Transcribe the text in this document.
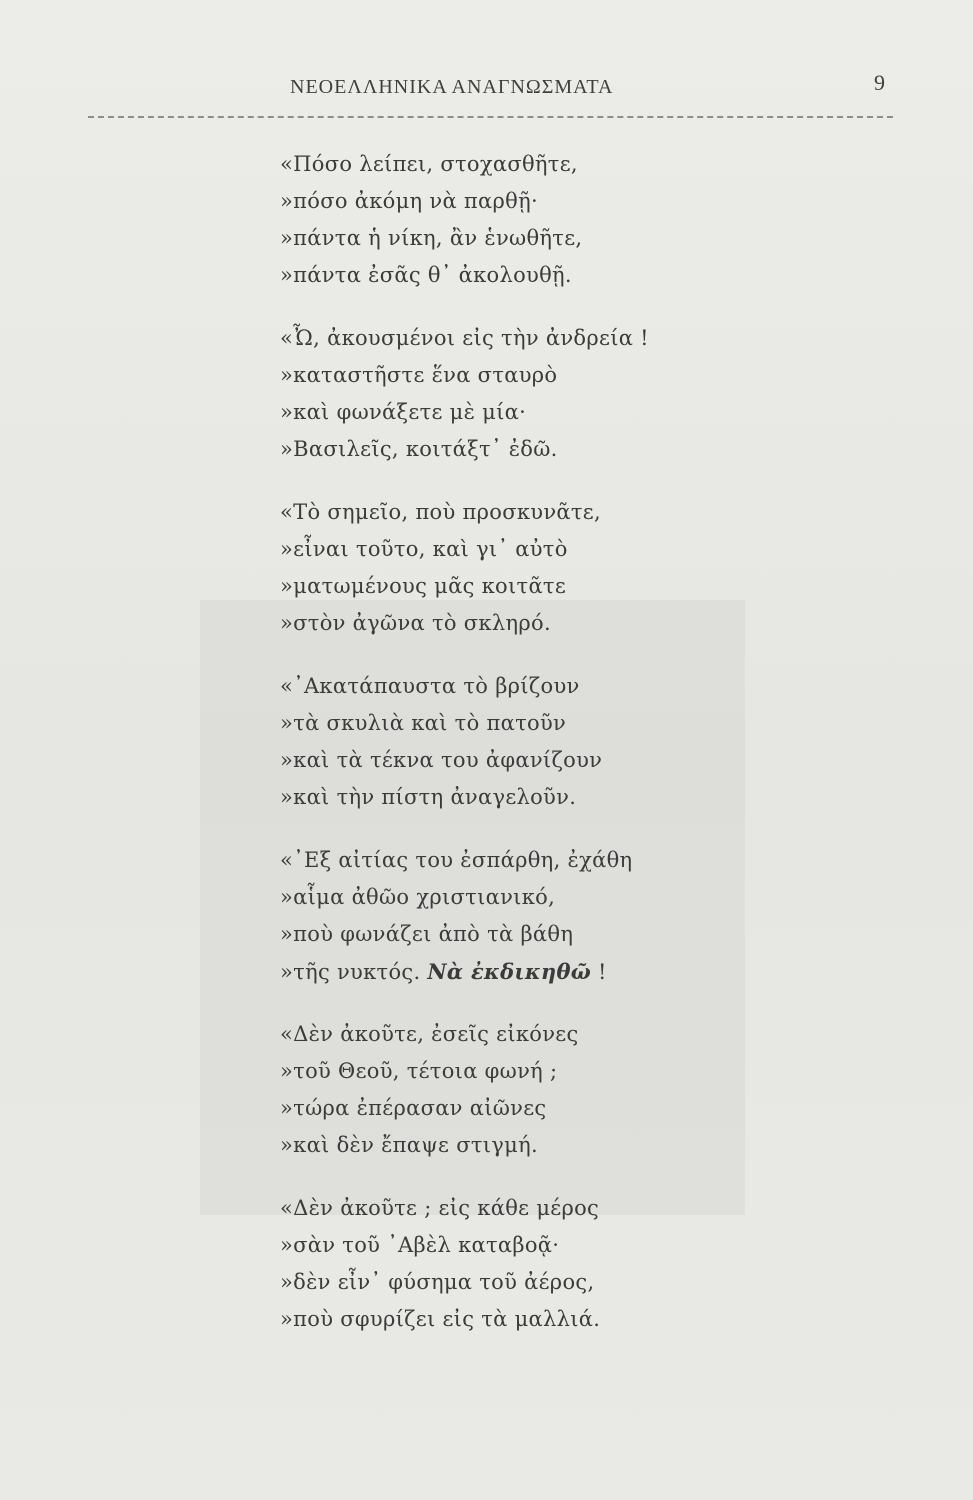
ΝΕΟΕΛΛΗΝΙΚΑ ΑΝΑΓΝΩΣΜΑΤΑ	9
«Πόσο λείπει, στοχασθῆτε,
»πόσο ἀκόμη νὰ παρθῇ·
»πάντα ἡ νίκη, ἂν ἑνωθῆτε,
»πάντα ἐσᾶς θ᾿ ἀκολουθῇ.
«Ὦ, ἀκουσμένοι εἰς τὴν ἀνδρεία !
»καταστῆστε ἕνα σταυρὸ
»καὶ φωνάξετε μὲ μία·
»Βασιλεῖς, κοιτάξτ᾿ ἐδῶ.
«Τὸ σημεῖο, ποὺ προσκυνᾶτε,
»εἶναι τοῦτο, καὶ γι᾿ αὐτὸ
»ματωμένους μᾶς κοιτᾶτε
»στὸν ἀγῶνα τὸ σκληρό.
«᾿Ακατάπαυστα τὸ βρίζουν
»τὰ σκυλιὰ καὶ τὸ πατοῦν
»καὶ τὰ τέκνα του ἀφανίζουν
»καὶ τὴν πίστη ἀναγελοῦν.
«᾿Εξ αἰτίας του ἐσπάρθη, ἐχάθη
»αἷμα ἀθῶο χριστιανικό,
»ποὺ φωνάζει ἀπὸ τὰ βάθη
»τῆς νυκτός. Νὰ ἐκδικηθῶ !
«Δὲν ἀκοῦτε, ἐσεῖς εἰκόνες
»τοῦ Θεοῦ, τέτοια φωνή ;
»τώρα ἐπέρασαν αἰῶνες
»καὶ δὲν ἔπαψε στιγμή.
«Δὲν ἀκοῦτε ; εἰς κάθε μέρος
»σὰν τοῦ ᾿Αβὲλ καταβοᾷ·
»δὲν εἶν᾿ φύσημα τοῦ ἀέρος,
»ποὺ σφυρίζει εἰς τὰ μαλλιά.
